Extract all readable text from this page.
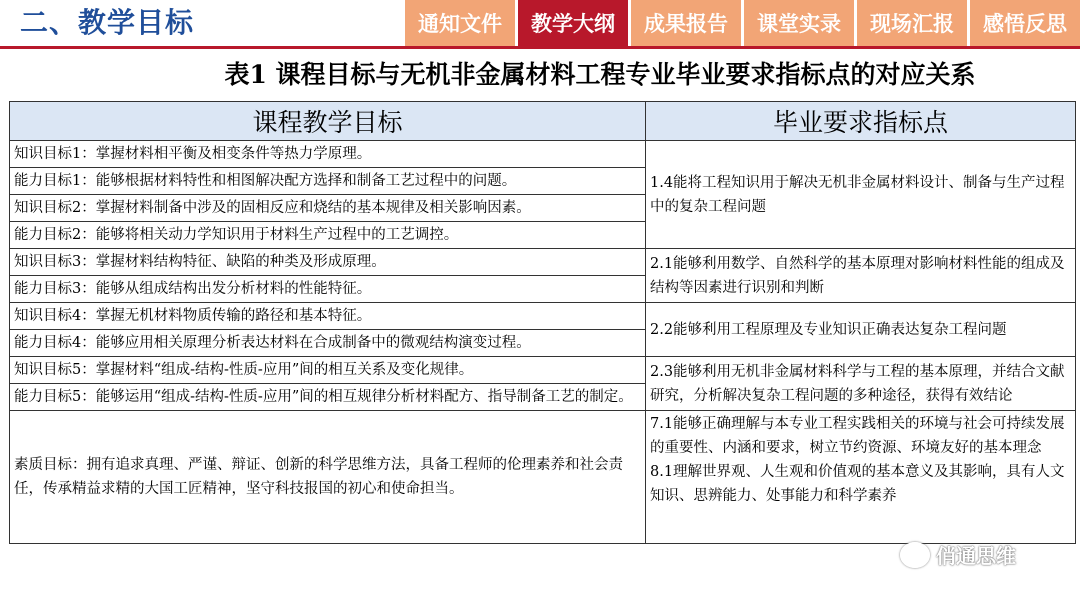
二、教学目标	通知文件	教学大纲	成果报告	课堂实录	现场汇报	感悟反思
表1 课程目标与无机非金属材料工程专业毕业要求指标点的对应关系
课程教学目标	毕业要求指标点
知识目标1：掌握材料相平衡及相变条件等热力学原理。	1.4能将工程知识用于解决无机非金属材料设计、制备与生产过程中的复杂工程问题
能力目标1：能够根据材料特性和相图解决配方选择和制备工艺过程中的问题。	
知识目标2：掌握材料制备中涉及的固相反应和烧结的基本规律及相关影响因素。	
能力目标2：能够将相关动力学知识用于材料生产过程中的工艺调控。	
知识目标3：掌握材料结构特征、缺陷的种类及形成原理。	2.1能够利用数学、自然科学的基本原理对影响材料性能的组成及结构等因素进行识别和判断
能力目标3：能够从组成结构出发分析材料的性能特征。	
知识目标4：掌握无机材料物质传输的路径和基本特征。	2.2能够利用工程原理及专业知识正确表达复杂工程问题
能力目标4：能够应用相关原理分析表达材料在合成制备中的微观结构演变过程。	
知识目标5：掌握材料“组成-结构-性质-应用”间的相互关系及变化规律。	2.3能够利用无机非金属材料科学与工程的基本原理，并结合文献研究，分析解决复杂工程问题的多种途径，获得有效结论
能力目标5：能够运用“组成-结构-性质-应用”间的相互规律分析材料配方、指导制备工艺的制定。	
素质目标：拥有追求真理、严谨、辩证、创新的科学思维方法，具备工程师的伦理素养和社会责任，传承精益求精的大国工匠精神，坚守科技报国的初心和使命担当。	7.1能够正确理解与本专业工程实践相关的环境与社会可持续发展的重要性、内涵和要求，树立节约资源、环境友好的基本理念
8.1理解世界观、人生观和价值观的基本意义及其影响，具有人文知识、思辨能力、处事能力和科学素养
俏通思维
